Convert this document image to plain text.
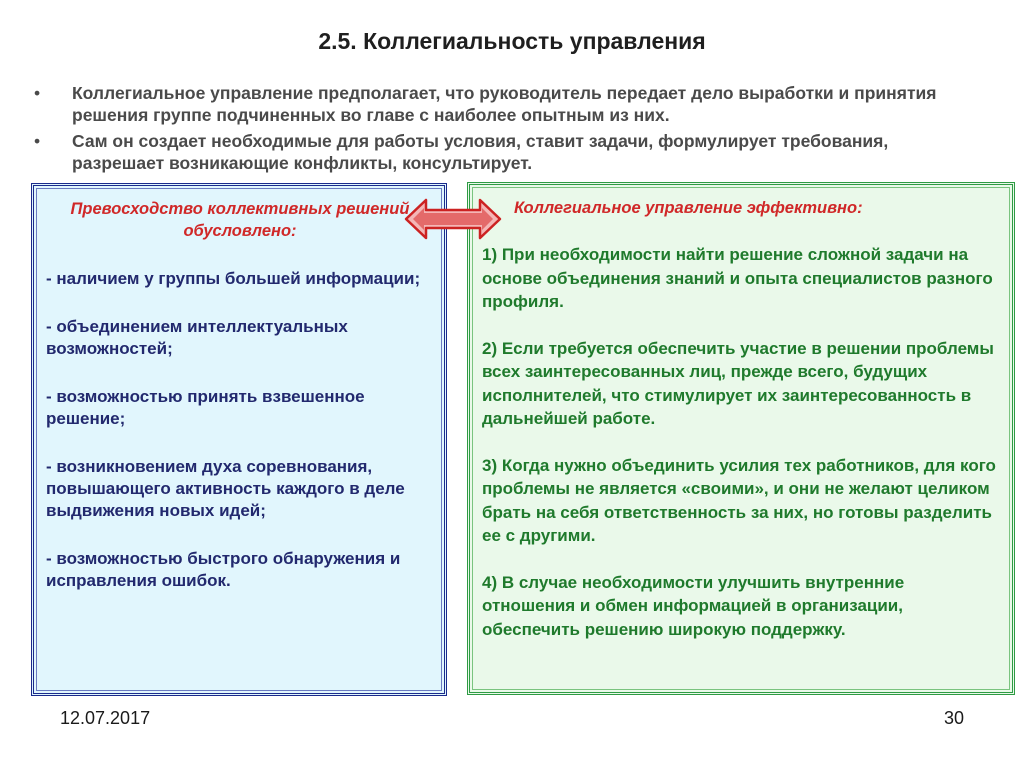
2.5. Коллегиальность управления
• Коллегиальное управление предполагает, что руководитель передает дело выработки и принятия решения группе подчиненных во главе с наиболее опытным из них.
• Сам он создает необходимые для работы условия, ставит задачи, формулирует требования, разрешает возникающие конфликты, консультирует.
Превосходство коллективных решений обусловлено:
- наличием у группы большей информации;
- объединением интеллектуальных возможностей;
- возможностью принять взвешенное решение;
- возникновением духа соревнования, повышающего активность каждого в деле выдвижения новых идей;
- возможностью быстрого обнаружения и исправления ошибок.
Коллегиальное управление эффективно:
1) При необходимости найти решение сложной задачи на основе объединения знаний и опыта специалистов разного профиля.
2) Если требуется обеспечить участие в решении проблемы всех заинтересованных лиц, прежде всего, будущих исполнителей, что стимулирует их заинтересованность в дальнейшей работе.
3) Когда нужно объединить усилия тех работников, для кого проблемы не является «своими», и они не желают целиком брать на себя ответственность за них, но готовы разделить ее с другими.
4) В случае необходимости улучшить внутренние отношения и обмен информацией в организации, обеспечить решению широкую поддержку.
12.07.2017	30
